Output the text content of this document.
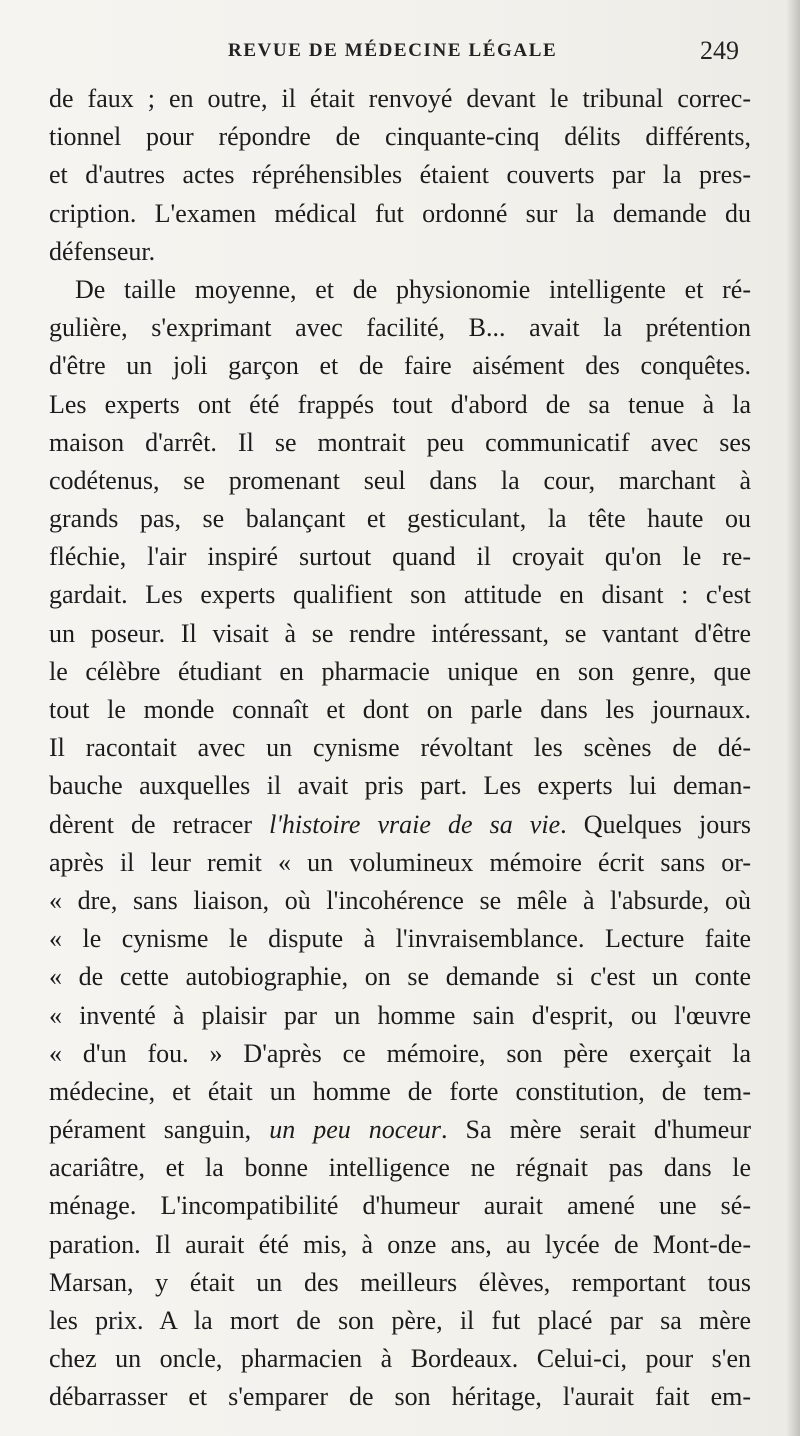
REVUE DE MÉDECINE LÉGALE	249
de faux ; en outre, il était renvoyé devant le tribunal correc-
tionnel pour répondre de cinquante-cinq délits différents,
et d'autres actes répréhensibles étaient couverts par la pres-
cription. L'examen médical fut ordonné sur la demande du
défenseur.
De taille moyenne, et de physionomie intelligente et ré-
gulière, s'exprimant avec facilité, B... avait la prétention
d'être un joli garçon et de faire aisément des conquêtes.
Les experts ont été frappés tout d'abord de sa tenue à la
maison d'arrêt. Il se montrait peu communicatif avec ses
codétenus, se promenant seul dans la cour, marchant à
grands pas, se balançant et gesticulant, la tête haute ou
fléchie, l'air inspiré surtout quand il croyait qu'on le re-
gardait. Les experts qualifient son attitude en disant : c'est
un poseur. Il visait à se rendre intéressant, se vantant d'être
le célèbre étudiant en pharmacie unique en son genre, que
tout le monde connaît et dont on parle dans les journaux.
Il racontait avec un cynisme révoltant les scènes de dé-
bauche auxquelles il avait pris part. Les experts lui deman-
dèrent de retracer l'histoire vraie de sa vie. Quelques jours
après il leur remit « un volumineux mémoire écrit sans or-
« dre, sans liaison, où l'incohérence se mêle à l'absurde, où
« le cynisme le dispute à l'invraisemblance. Lecture faite
« de cette autobiographie, on se demande si c'est un conte
« inventé à plaisir par un homme sain d'esprit, ou l'œuvre
« d'un fou. » D'après ce mémoire, son père exerçait la
médecine, et était un homme de forte constitution, de tem-
pérament sanguin, un peu noceur. Sa mère serait d'humeur
acariâtre, et la bonne intelligence ne régnait pas dans le
ménage. L'incompatibilité d'humeur aurait amené une sé-
paration. Il aurait été mis, à onze ans, au lycée de Mont-de-
Marsan, y était un des meilleurs élèves, remportant tous
les prix. A la mort de son père, il fut placé par sa mère
chez un oncle, pharmacien à Bordeaux. Celui-ci, pour s'en
débarrasser et s'emparer de son héritage, l'aurait fait em-
